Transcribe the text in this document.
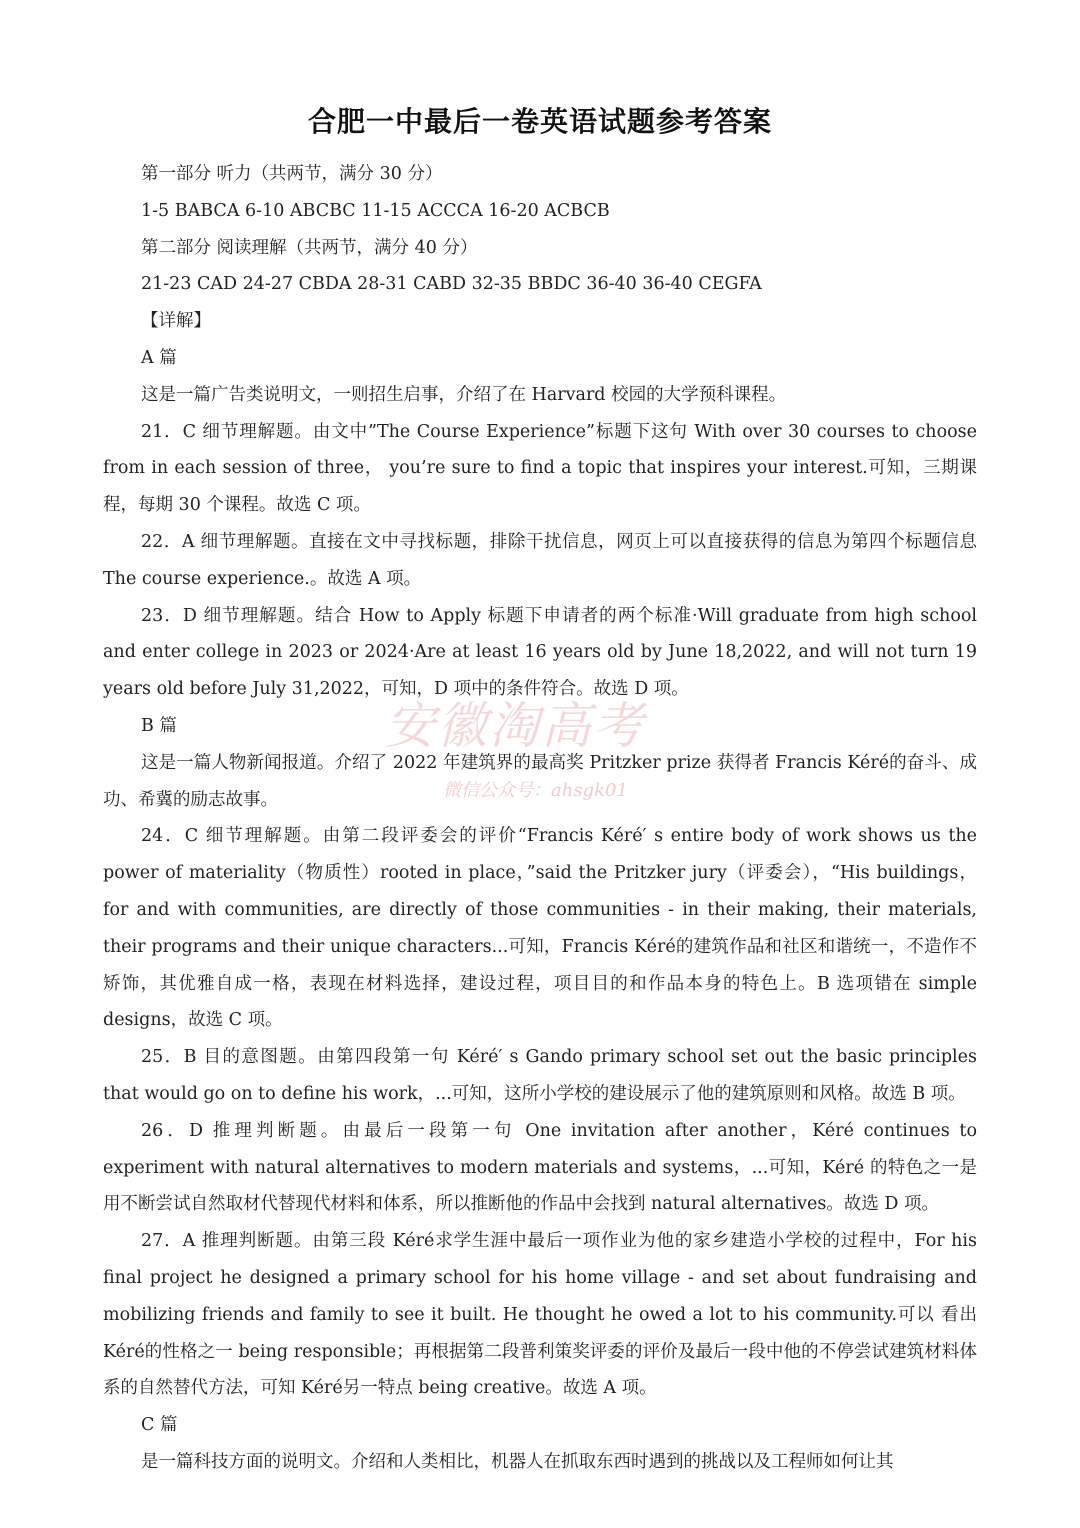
合肥一中最后一卷英语试题参考答案

第一部分 听力（共两节，满分 30 分）

1-5 BABCA 6-10 ABCBC 11-15 ACCCA 16-20 ACBCB

第二部分 阅读理解（共两节，满分 40 分）

21-23 CAD 24-27 CBDA 28-31 CABD 32-35 BBDC 36-40 36-40 CEGFA

【详解】

A 篇

这是一篇广告类说明文，一则招生启事，介绍了在 Harvard 校园的大学预科课程。

21．C 细节理解题。由文中”The Course Experience”标题下这句 With over 30 courses to choose from in each session of three， you’re sure to find a topic that inspires your interest.可知，三期课 程，每期 30 个课程。故选 C 项。

22．A 细节理解题。直接在文中寻找标题，排除干扰信息，网页上可以直接获得的信息为第四个标题信息 The course experience.。故选 A 项。

23．D 细节理解题。结合 How to Apply 标题下申请者的两个标准·Will graduate from high school and enter college in 2023 or 2024·Are at least 16 years old by June 18,2022, and will not turn 19 years old before July 31,2022，可知，D 项中的条件符合。故选 D 项。

B 篇

这是一篇人物新闻报道。介绍了 2022 年建筑界的最高奖 Pritzker prize 获得者 Francis Kéré的奋斗、成功、希冀的励志故事。

24．C 细节理解题。由第二段评委会的评价“Francis Kéré′ s entire body of work shows us the power of materiality（物质性）rooted in place，”said the Pritzker jury（评委会），“His buildings， for and with communities, are directly of those communities - in their making, their materials, their programs and their unique characters...可知，Francis Kéré的建筑作品和社区和谐统一，不造作不矫饰，其优雅自成一格，表现在材料选择，建设过程，项目目的和作品本身的特色上。B 选项错在 simple designs，故选 C 项。

25．B 目的意图题。由第四段第一句 Kéré′ s Gando primary school set out the basic principles that would go on to define his work，...可知，这所小学校的建设展示了他的建筑原则和风格。故选 B 项。

26．D 推理判断题。由最后一段第一句 One invitation after another，Kéré continues to experiment with natural alternatives to modern materials and systems，...可知，Kéré 的特色之一是用不断尝试自然取材代替现代材料和体系，所以推断他的作品中会找到 natural alternatives。故选 D 项。

27．A 推理判断题。由第三段 Kéré求学生涯中最后一项作业为他的家乡建造小学校的过程中，For his final project he designed a primary school for his home village - and set about fundraising and mobilizing friends and family to see it built. He thought he owed a lot to his community.可以 看出 Kéré的性格之一 being responsible；再根据第二段普利策奖评委的评价及最后一段中他的不停尝试建筑材料体系的自然替代方法，可知 Kéré另一特点 being creative。故选 A 项。

C 篇

是一篇科技方面的说明文。介绍和人类相比，机器人在抓取东西时遇到的挑战以及工程师如何让其

安徽淘高考
微信公众号：ahsgk01
